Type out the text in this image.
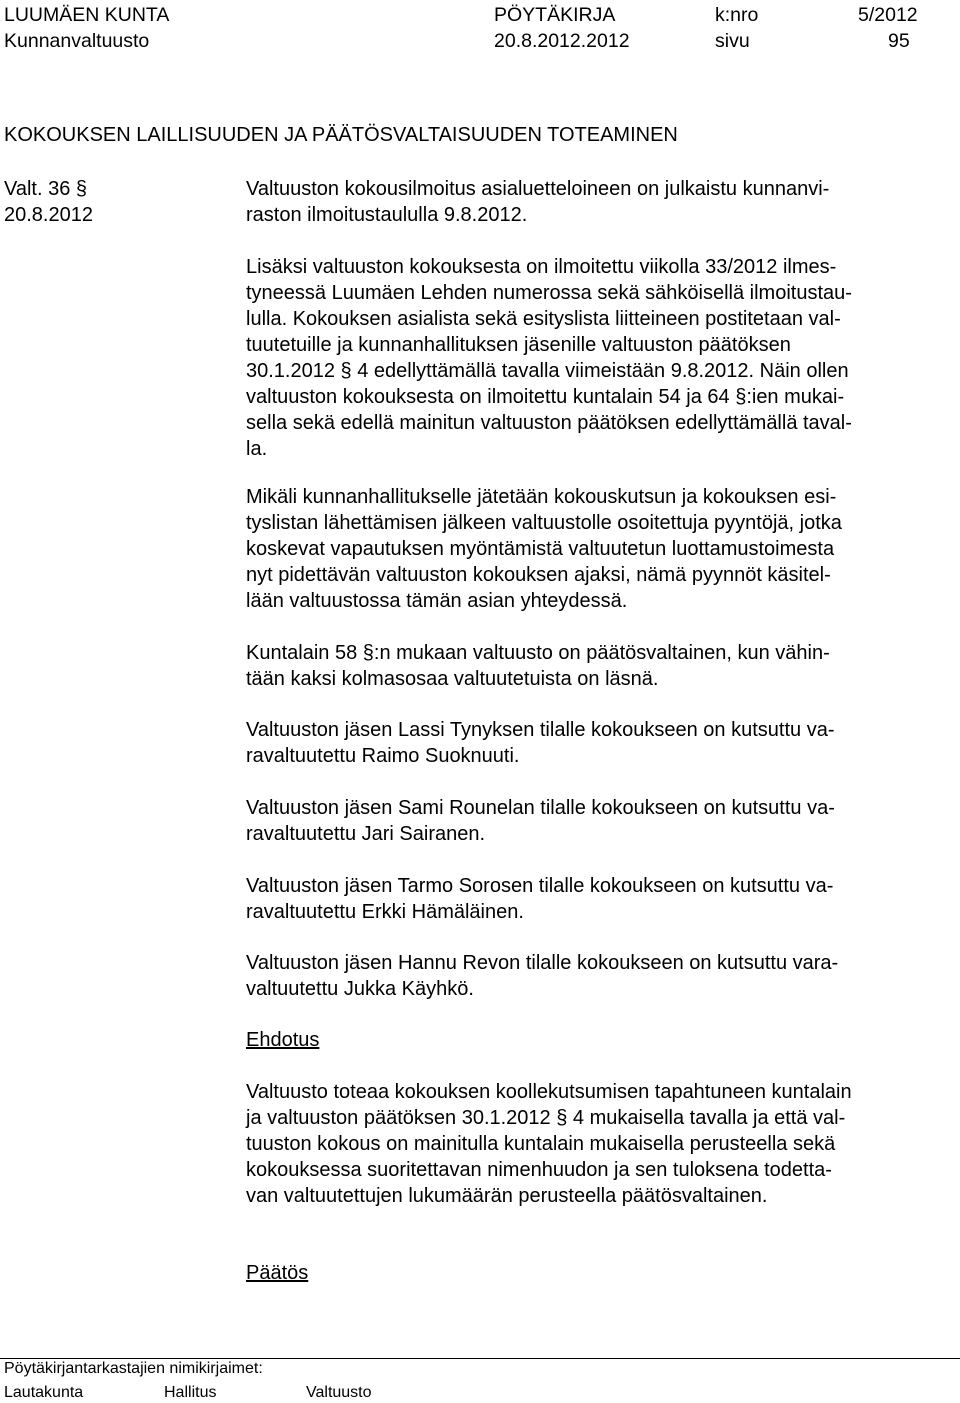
LUUMÄEN KUNTA
Kunnanvaltuusto
PÖYTÄKIRJA
20.8.2012.2012
k:nro
sivu
5/2012
95
KOKOUKSEN LAILLISUUDEN JA PÄÄTÖSVALTAISUUDEN TOTEAMINEN
Valt. 36 §
20.8.2012
Valtuuston kokousilmoitus asialuetteloineen on julkaistu kunnanvi-
raston ilmoitustaululla 9.8.2012.
Lisäksi valtuuston kokouksesta on ilmoitettu viikolla 33/2012 ilmes-
tyneessä Luumäen Lehden numerossa sekä sähköisellä ilmoitustau-
lulla. Kokouksen asialista sekä esityslista liitteineen postitetaan val-
tuutetuille ja kunnanhallituksen jäsenille valtuuston päätöksen
30.1.2012 § 4 edellyttämällä tavalla viimeistään 9.8.2012. Näin ollen
valtuuston kokouksesta on ilmoitettu kuntalain 54 ja 64 §:ien mukai-
sella sekä edellä mainitun valtuuston päätöksen edellyttämällä taval-
la.
Mikäli kunnanhallitukselle jätetään kokouskutsun ja kokouksen esi-
tyslistan lähettämisen jälkeen valtuustolle osoitettuja pyyntöjä, jotka
koskevat vapautuksen myöntämistä valtuutetun luottamustoimesta
nyt pidettävän valtuuston kokouksen ajaksi, nämä pyynnöt käsitel-
lään valtuustossa tämän asian yhteydessä.
Kuntalain 58 §:n mukaan valtuusto on päätösvaltainen, kun vähin-
tään kaksi kolmasosaa valtuutetuista on läsnä.
Valtuuston jäsen Lassi Tynyksen tilalle kokoukseen on kutsuttu va-
ravaltuutettu Raimo Suoknuuti.
Valtuuston jäsen Sami Rounelan tilalle kokoukseen on kutsuttu va-
ravaltuutettu Jari Sairanen.
Valtuuston jäsen Tarmo Sorosen tilalle kokoukseen on kutsuttu va-
ravaltuutettu Erkki Hämäläinen.
Valtuuston jäsen Hannu Revon tilalle kokoukseen on kutsuttu vara-
valtuutettu Jukka Käyhkö.
Ehdotus
Valtuusto toteaa kokouksen koollekutsumisen tapahtuneen kuntalain
ja valtuuston päätöksen 30.1.2012 § 4 mukaisella tavalla ja että val-
tuuston kokous on mainitulla kuntalain mukaisella perusteella sekä
kokouksessa suoritettavan nimenhuudon ja sen tuloksena todetta-
van valtuutettujen lukumäärän perusteella päätösvaltainen.
Päätös
Pöytäkirjantarkastajien nimikirjaimet:
Lautakunta	Hallitus	Valtuusto
